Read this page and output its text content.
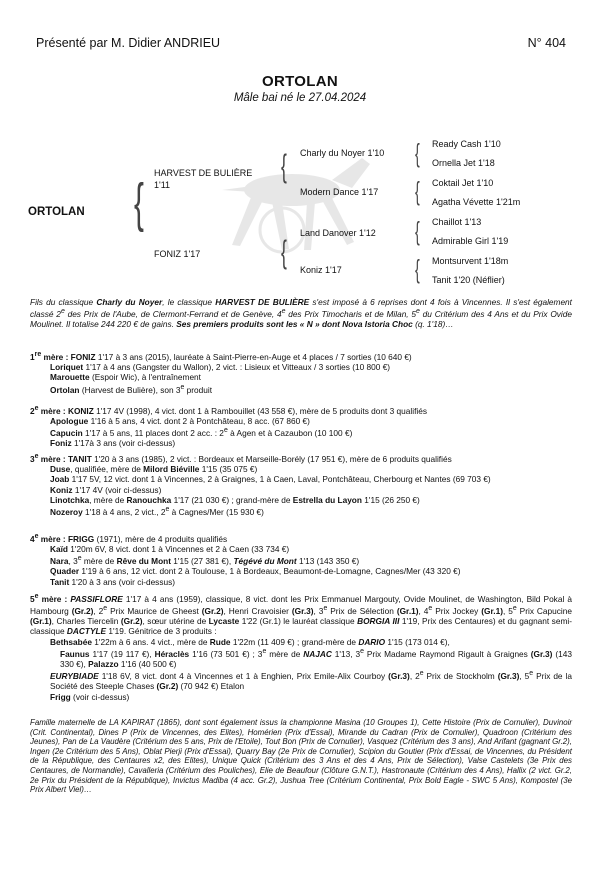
Présenté par M. Didier ANDRIEU	N° 404
ORTOLAN
Mâle bai né le 27.04.2024
ORTOLAN {
{
{
HARVEST DE BULIÈRE
1'11
FONIZ 1'17
Charly du Noyer 1'10
Modern Dance 1'17
Land Danover 1'12
Koniz 1'17
{
{
{
{
Ready Cash 1'10
Ornella Jet 1'18
Coktail Jet 1'10
Agatha Vévette 1'21m
Chaillot 1'13
Admirable Girl 1'19
Montsurvent 1'18m
Tanit 1'20 (Néflier)
Fils du classique Charly du Noyer, le classique HARVEST DE BULIÈRE s'est imposé à 6 reprises dont 4 fois à Vincennes. Il s'est également classé 2e des Prix de l'Aube, de Clermont-Ferrand et de Genève, 4e des Prix Timocharis et de Milan, 5e du Critérium des 4 Ans et du Prix Ovide Moulinet. Il totalise 244 220 € de gains. Ses premiers produits sont les « N » dont Nova Istoria Choc (q. 1'18)…
1re mère : FONIZ 1'17 à 3 ans (2015), lauréate à Saint-Pierre-en-Auge et 4 places / 7 sorties (10 640 €)
Loriquet 1'17 à 4 ans (Gangster du Wallon), 2 vict. : Lisieux et Vitteaux / 3 sorties (10 800 €)
Marouette (Espoir Wic), à l'entraînement
Ortolan (Harvest de Bulière), son 3e produit
2e mère : KONIZ 1'17 4V (1998), 4 vict. dont 1 à Rambouillet (43 558 €), mère de 5 produits dont 3 qualifiés
Apologue 1'16 à 5 ans, 4 vict. dont 2 à Pontchâteau, 8 acc. (67 860 €)
Capucin 1'17 à 5 ans, 11 places dont 2 acc. : 2e à Agen et à Cazaubon (10 100 €)
Foniz 1'17à 3 ans (voir ci-dessus)
3e mère : TANIT 1'20 à 3 ans (1985), 2 vict. : Bordeaux et Marseille-Borély (17 951 €), mère de 6 produits qualifiés
Duse, qualifiée, mère de Milord Biéville 1'15 (35 075 €)
Joab 1'17 5V, 12 vict. dont 1 à Vincennes, 2 à Graignes, 1 à Caen, Laval, Pontchâteau, Cherbourg et Nantes (69 703 €)
Koniz 1'17 4V (voir ci-dessus)
Linotchka, mère de Ranouchka 1'17 (21 030 €) ; grand-mère de Estrella du Layon 1'15 (26 250 €)
Nozeroy 1'18 à 4 ans, 2 vict., 2e à Cagnes/Mer (15 930 €)
4e mère : FRIGG (1971), mère de 4 produits qualifiés
Kaïd 1'20m 6V, 8 vict. dont 1 à Vincennes et 2 à Caen (33 734 €)
Nara, 3e mère de Rêve du Mont 1'15 (27 381 €), Tégévé du Mont 1'13 (143 350 €)
Quader 1'19 à 6 ans, 12 vict. dont 2 à Toulouse, 1 à Bordeaux, Beaumont-de-Lomagne, Cagnes/Mer (43 320 €)
Tanit 1'20 à 3 ans (voir ci-dessus)

5e mère : PASSIFLORE 1'17 à 4 ans (1959), classique, 8 vict. dont les Prix Emmanuel Margouty, Ovide Moulinet, de Washington, Bild Pokal à Hambourg (Gr.2), 2e Prix Maurice de Gheest (Gr.2), Henri Cravoisier (Gr.3), 3e Prix de Sélection (Gr.1), 4e Prix Jockey (Gr.1), 5e Prix Capucine (Gr.1), Charles Tiercelin (Gr.2), sœur utérine de Lycaste 1'22 (Gr.1) le lauréat classique BORGIA III 1'19, Prix des Centaures) et du gagnant semi-classique DACTYLE 1'19. Génitrice de 3 produits :

Bethsabée 1'22m à 6 ans. 4 vict., mère de Rude 1'22m (11 409 €) ; grand-mère de DARIO 1'15 (173 014 €),

Faunus 1'17 (19 117 €), Héraclès 1'16 (73 501 €) ; 3e mère de NAJAC 1'13, 3e Prix Madame Raymond Rigault à Graignes (Gr.3) (143 330 €), Palazzo 1'16 (40 500 €)

EURYBIADE 1'18 6V, 8 vict. dont 4 à Vincennes et 1 à Enghien, Prix Emile-Alix Courboy (Gr.3), 2e Prix de Stockholm (Gr.3), 5e Prix de la Société des Steeple Chases (Gr.2) (70 942 €) Etalon

Frigg (voir ci-dessus)

Famille maternelle de LA KAPIRAT (1865), dont sont également issus la championne Masina (10 Groupes 1), Cette Histoire (Prix de Cornulier), Duvinoir (Crit. Continental), Dines P (Prix de Vincennes, des Elites), Homérien (Prix d'Essai), Mirande du Cadran (Prix de Cornulier), Quadroon (Critérium des Jeunes), Pan de La Vaudère (Critérium des 5 ans, Prix de l'Etoile), Tout Bon (Prix de Cornulier), Vasquez (Critérium des 3 ans), And Arifant (gagnant Gr.2), Ingen (2e Critérium des 5 Ans), Oblat Pierji (Prix d'Essai), Quarry Bay (2e Prix de Cornulier), Scipion du Goutier (Prix d'Essai, de Vincennes, du Président de la République, des Centaures x2, des Elites), Unique Quick (Critérium des 3 Ans et des 4 Ans, Prix de Sélection), Valse Castelets (3e Prix des Centaures, de Normandie), Cavalleria (Critérium des Pouliches), Elie de Beaufour (Clôture G.N.T.), Hastronaute (Critérium des 4 Ans), Hallix (2 vict. Gr.2, 2e Prix du Président de la République), Invictus Madiba (4 acc. Gr.2), Jushua Tree (Critérium Continental, Prix Bold Eagle - SWC 5 Ans), Kompostel (3e Prix Albert Viel)…
